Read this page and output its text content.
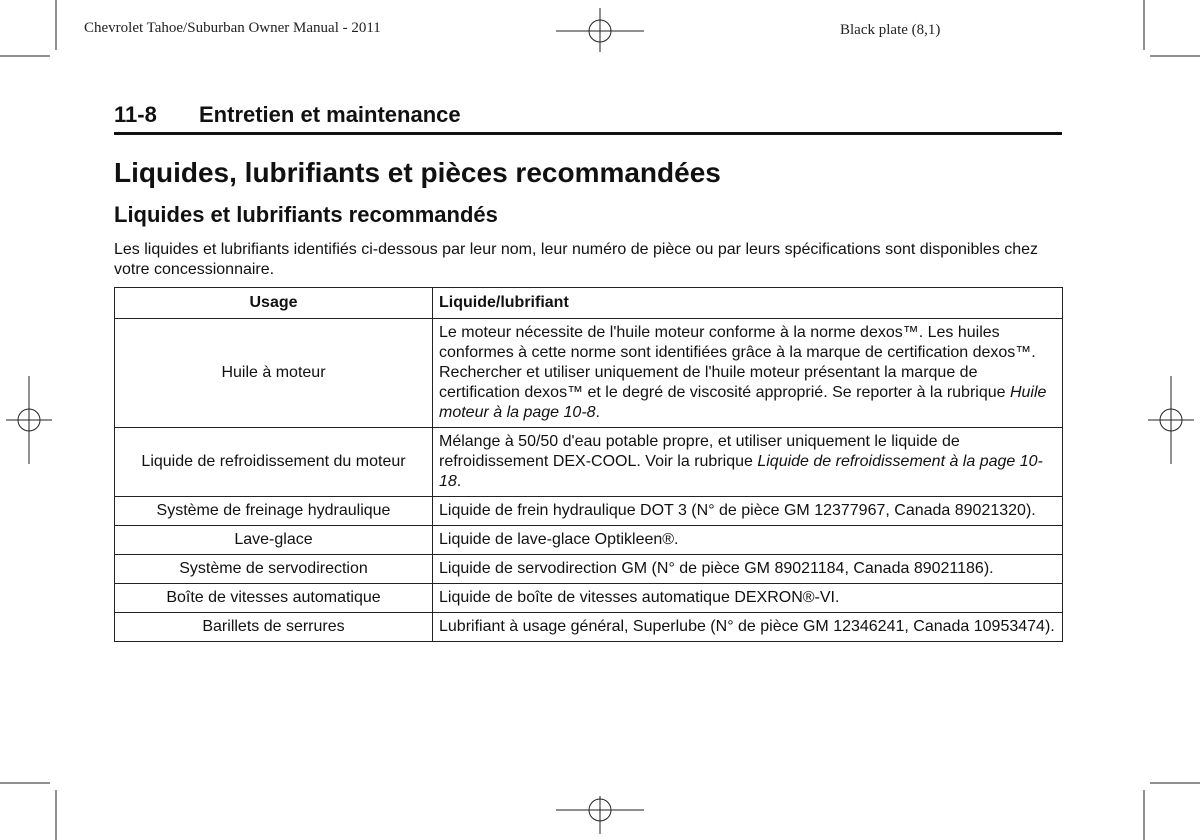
Chevrolet Tahoe/Suburban Owner Manual - 2011	Black plate (8,1)
11-8 Entretien et maintenance
Liquides, lubrifiants et pièces recommandées
Liquides et lubrifiants recommandés
Les liquides et lubrifiants identifiés ci-dessous par leur nom, leur numéro de pièce ou par leurs spécifications sont disponibles chez votre concessionnaire.
Usage	Liquide/lubrifiant
Huile à moteur	Le moteur nécessite de l'huile moteur conforme à la norme dexos™. Les huiles conformes à cette norme sont identifiées grâce à la marque de certification dexos™. Rechercher et utiliser uniquement de l'huile moteur présentant la marque de certification dexos™ et le degré de viscosité approprié. Se reporter à la rubrique Huile moteur à la page 10-8.
Liquide de refroidissement du moteur	Mélange à 50/50 d'eau potable propre, et utiliser uniquement le liquide de refroidissement DEX-COOL. Voir la rubrique Liquide de refroidissement à la page 10-18.
Système de freinage hydraulique	Liquide de frein hydraulique DOT 3 (N° de pièce GM 12377967, Canada 89021320).
Lave-glace	Liquide de lave-glace Optikleen®.
Système de servodirection	Liquide de servodirection GM (N° de pièce GM 89021184, Canada 89021186).
Boîte de vitesses automatique	Liquide de boîte de vitesses automatique DEXRON®-VI.
Barillets de serrures	Lubrifiant à usage général, Superlube (N° de pièce GM 12346241, Canada 10953474).
